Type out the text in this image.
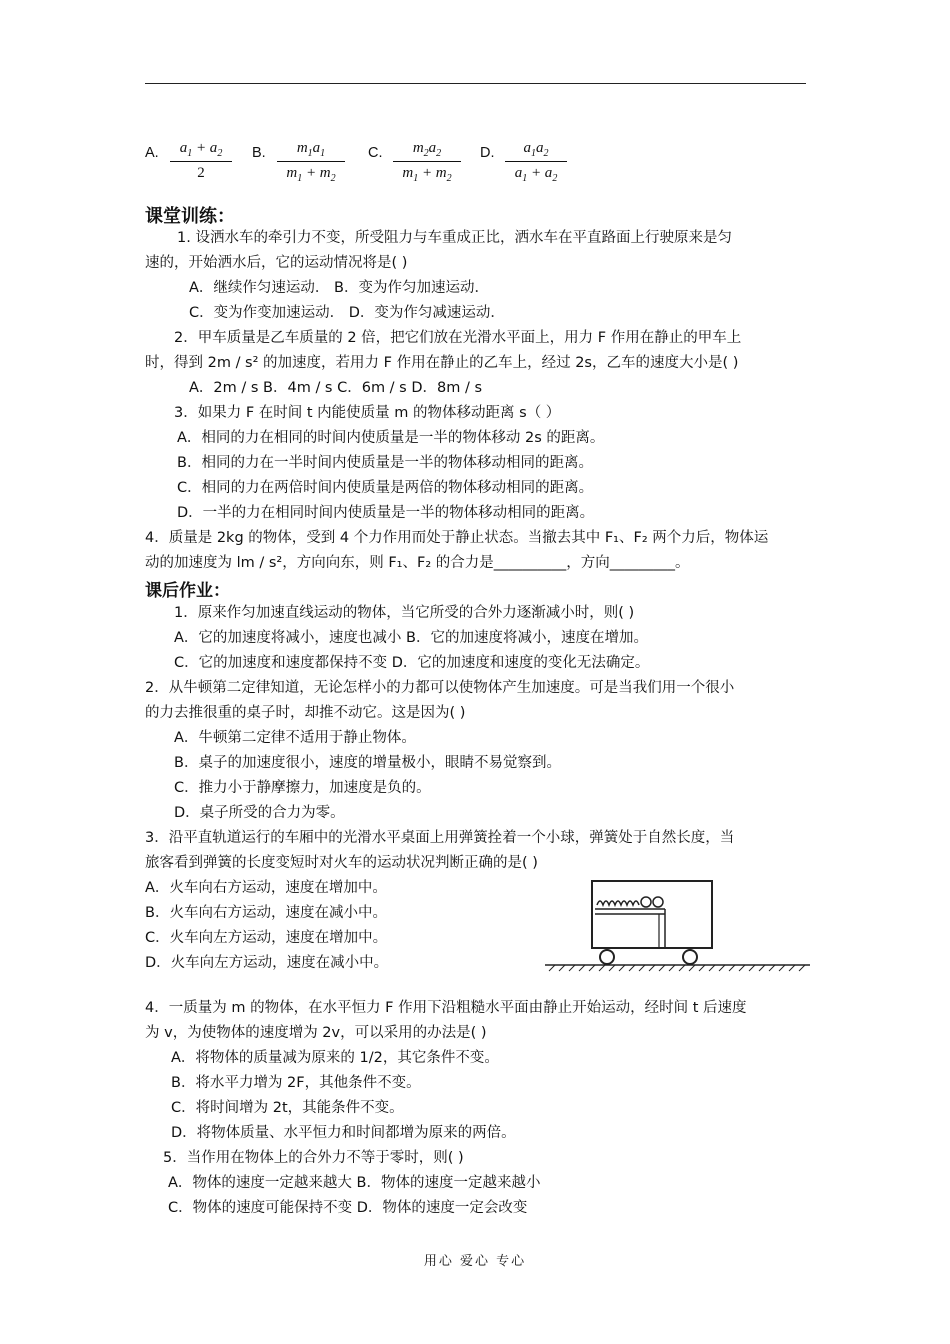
A. $\frac{a_1 + a_2}{2} B$. $\frac{m_1a_1}{m_1 + m_2} C$. $\frac{m_2a_2}{m_1 + m_2} D$. $\frac{a_1a_2}{a_1 + a_2}$
课堂训练：
1. 设洒水车的牵引力不变，所受阻力与车重成正比，洒水车在平直路面上行驶原来是匀
速的，开始洒水后，它的运动情况将是( )
A．继续作匀速运动． B．变为作匀加速运动．
C．变为作变加速运动． D．变为作匀减速运动．
2．甲车质量是乙车质量的 2 倍，把它们放在光滑水平面上，用力 F 作用在静止的甲车上
时，得到 2m / s² 的加速度，若用力 F 作用在静止的乙车上，经过 2s，乙车的速度大小是( )
A．2m / s B．4m / s C．6m / s D．8m / s
3．如果力 F 在时间 t 内能使质量 m 的物体移动距离 s（ ）
A．相同的力在相同的时间内使质量是一半的物体移动 2s 的距离。
B．相同的力在一半时间内使质量是一半的物体移动相同的距离。
C．相同的力在两倍时间内使质量是两倍的物体移动相同的距离。
D．一半的力在相同时间内使质量是一半的物体移动相同的距离。
4．质量是 2kg 的物体，受到 4 个力作用而处于静止状态。当撤去其中 F₁、F₂ 两个力后，物体运
动的加速度为 lm / s²，方向向东，则 F₁、F₂ 的合力是__________，方向_________。
课后作业：
1．原来作匀加速直线运动的物体，当它所受的合外力逐渐减小时，则( )
A．它的加速度将减小，速度也减小 B．它的加速度将减小，速度在增加。
C．它的加速度和速度都保持不变 D．它的加速度和速度的变化无法确定。
2．从牛顿第二定律知道，无论怎样小的力都可以使物体产生加速度。可是当我们用一个很小
的力去推很重的桌子时，却推不动它。这是因为( )
A．牛顿第二定律不适用于静止物体。
B．桌子的加速度很小，速度的增量极小，眼睛不易觉察到。
C．推力小于静摩擦力，加速度是负的。
D．桌子所受的合力为零。
3．沿平直轨道运行的车厢中的光滑水平桌面上用弹簧拴着一个小球，弹簧处于自然长度，当
旅客看到弹簧的长度变短时对火车的运动状况判断正确的是( )
A．火车向右方运动，速度在增加中。
B．火车向右方运动，速度在减小中。
C．火车向左方运动，速度在增加中。
D．火车向左方运动，速度在减小中。
4．一质量为 m 的物体，在水平恒力 F 作用下沿粗糙水平面由静止开始运动，经时间 t 后速度
为 v，为使物体的速度增为 2v，可以采用的办法是( )
A．将物体的质量减为原来的 1/2，其它条件不变。
B．将水平力增为 2F，其他条件不变。
C．将时间增为 2t，其能条件不变。
D．将物体质量、水平恒力和时间都增为原来的两倍。
5．当作用在物体上的合外力不等于零时，则( )
A．物体的速度一定越来越大 B．物体的速度一定越来越小
C．物体的速度可能保持不变 D．物体的速度一定会改变
用心 爱心 专心
